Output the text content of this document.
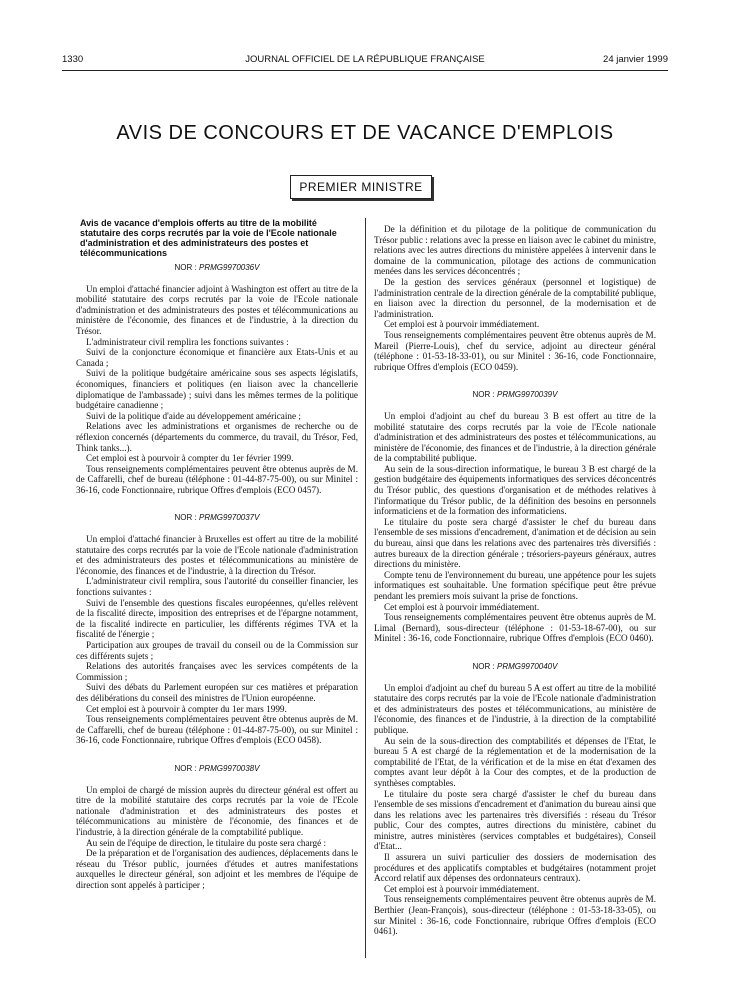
1330	JOURNAL OFFICIEL DE LA RÉPUBLIQUE FRANÇAISE	24 janvier 1999
AVIS DE CONCOURS ET DE VACANCE D'EMPLOIS
PREMIER MINISTRE
Avis de vacance d'emplois offerts au titre de la mobilité statutaire des corps recrutés par la voie de l'Ecole nationale d'administration et des administrateurs des postes et télécommunications
NOR : PRMG9970036V

Un emploi d'attaché financier adjoint à Washington est offert au titre de la mobilité statutaire des corps recrutés par la voie de l'Ecole nationale d'administration et des administrateurs des postes et télécommunications au ministère de l'économie, des finances et de l'industrie, à la direction du Trésor.

L'administrateur civil remplira les fonctions suivantes :

Suivi de la conjoncture économique et financière aux Etats-Unis et au Canada ;

Suivi de la politique budgétaire américaine sous ses aspects législatifs, économiques, financiers et politiques (en liaison avec la chancellerie diplomatique de l'ambassade) ; suivi dans les mêmes termes de la politique budgétaire canadienne ;

Suivi de la politique d'aide au développement américaine ;

Relations avec les administrations et organismes de recherche ou de réflexion concernés (départements du commerce, du travail, du Trésor, Fed, Think tanks...).

Cet emploi est à pourvoir à compter du 1er février 1999.

Tous renseignements complémentaires peuvent être obtenus auprès de M. de Caffarelli, chef de bureau (téléphone : 01-44-87-75-00), ou sur Minitel : 36-16, code Fonctionnaire, rubrique Offres d'emplois (ECO 0457).

NOR : PRMG9970037V

Un emploi d'attaché financier à Bruxelles est offert au titre de la mobilité statutaire des corps recrutés par la voie de l'Ecole nationale d'administration et des administrateurs des postes et télécommunications au ministère de l'économie, des finances et de l'industrie, à la direction du Trésor.

L'administrateur civil remplira, sous l'autorité du conseiller financier, les fonctions suivantes :

Suivi de l'ensemble des questions fiscales européennes, qu'elles relèvent de la fiscalité directe, imposition des entreprises et de l'épargne notamment, de la fiscalité indirecte en particulier, les différents régimes TVA et la fiscalité de l'énergie ;

Participation aux groupes de travail du conseil ou de la Commission sur ces différents sujets ;

Relations des autorités françaises avec les services compétents de la Commission ;

Suivi des débats du Parlement européen sur ces matières et préparation des délibérations du conseil des ministres de l'Union européenne.

Cet emploi est à pourvoir à compter du 1er mars 1999.

Tous renseignements complémentaires peuvent être obtenus auprès de M. de Caffarelli, chef de bureau (téléphone : 01-44-87-75-00), ou sur Minitel : 36-16, code Fonctionnaire, rubrique Offres d'emplois (ECO 0458).

NOR : PRMG9970038V

Un emploi de chargé de mission auprès du directeur général est offert au titre de la mobilité statutaire des corps recrutés par la voie de l'Ecole nationale d'administration et des administrateurs des postes et télécommunications au ministère de l'économie, des finances et de l'industrie, à la direction générale de la comptabilité publique.

Au sein de l'équipe de direction, le titulaire du poste sera chargé :

De la préparation et de l'organisation des audiences, déplacements dans le réseau du Trésor public, journées d'études et autres manifestations auxquelles le directeur général, son adjoint et les membres de l'équipe de direction sont appelés à participer ;

De la définition et du pilotage de la politique de communication du Trésor public : relations avec la presse en liaison avec le cabinet du ministre, relations avec les autres directions du ministère appelées à intervenir dans le domaine de la communication, pilotage des actions de communication menées dans les services déconcentrés ;

De la gestion des services généraux (personnel et logistique) de l'administration centrale de la direction générale de la comptabilité publique, en liaison avec la direction du personnel, de la modernisation et de l'administration.

Cet emploi est à pourvoir immédiatement.

Tous renseignements complémentaires peuvent être obtenus auprès de M. Mareil (Pierre-Louis), chef du service, adjoint au directeur général (téléphone : 01-53-18-33-01), ou sur Minitel : 36-16, code Fonctionnaire, rubrique Offres d'emplois (ECO 0459).

NOR : PRMG9970039V

Un emploi d'adjoint au chef du bureau 3 B est offert au titre de la mobilité statutaire des corps recrutés par la voie de l'Ecole nationale d'administration et des administrateurs des postes et télécommunications, au ministère de l'économie, des finances et de l'industrie, à la direction générale de la comptabilité publique.

Au sein de la sous-direction informatique, le bureau 3 B est chargé de la gestion budgétaire des équipements informatiques des services déconcentrés du Trésor public, des questions d'organisation et de méthodes relatives à l'informatique du Trésor public, de la définition des besoins en personnels informaticiens et de la formation des informaticiens.

Le titulaire du poste sera chargé d'assister le chef du bureau dans l'ensemble de ses missions d'encadrement, d'animation et de décision au sein du bureau, ainsi que dans les relations avec des partenaires très diversifiés : autres bureaux de la direction générale ; trésoriers-payeurs généraux, autres directions du ministère.

Compte tenu de l'environnement du bureau, une appétence pour les sujets informatiques est souhaitable. Une formation spécifique peut être prévue pendant les premiers mois suivant la prise de fonctions.

Cet emploi est à pourvoir immédiatement.

Tous renseignements complémentaires peuvent être obtenus auprès de M. Limal (Bernard), sous-directeur (téléphone : 01-53-18-67-00), ou sur Minitel : 36-16, code Fonctionnaire, rubrique Offres d'emplois (ECO 0460).

NOR : PRMG9970040V

Un emploi d'adjoint au chef du bureau 5 A est offert au titre de la mobilité statutaire des corps recrutés par la voie de l'Ecole nationale d'administration et des administrateurs des postes et télécommunications, au ministère de l'économie, des finances et de l'industrie, à la direction de la comptabilité publique.

Au sein de la sous-direction des comptabilités et dépenses de l'Etat, le bureau 5 A est chargé de la réglementation et de la modernisation de la comptabilité de l'Etat, de la vérification et de la mise en état d'examen des comptes avant leur dépôt à la Cour des comptes, et de la production de synthèses comptables.

Le titulaire du poste sera chargé d'assister le chef du bureau dans l'ensemble de ses missions d'encadrement et d'animation du bureau ainsi que dans les relations avec les partenaires très diversifiés : réseau du Trésor public, Cour des comptes, autres directions du ministère, cabinet du ministre, autres ministères (services comptables et budgétaires), Conseil d'Etat...

Il assurera un suivi particulier des dossiers de modernisation des procédures et des applicatifs comptables et budgétaires (notamment projet Accord relatif aux dépenses des ordonnateurs centraux).

Cet emploi est à pourvoir immédiatement.

Tous renseignements complémentaires peuvent être obtenus auprès de M. Berthier (Jean-François), sous-directeur (téléphone : 01-53-18-33-05), ou sur Minitel : 36-16, code Fonctionnaire, rubrique Offres d'emplois (ECO 0461).
